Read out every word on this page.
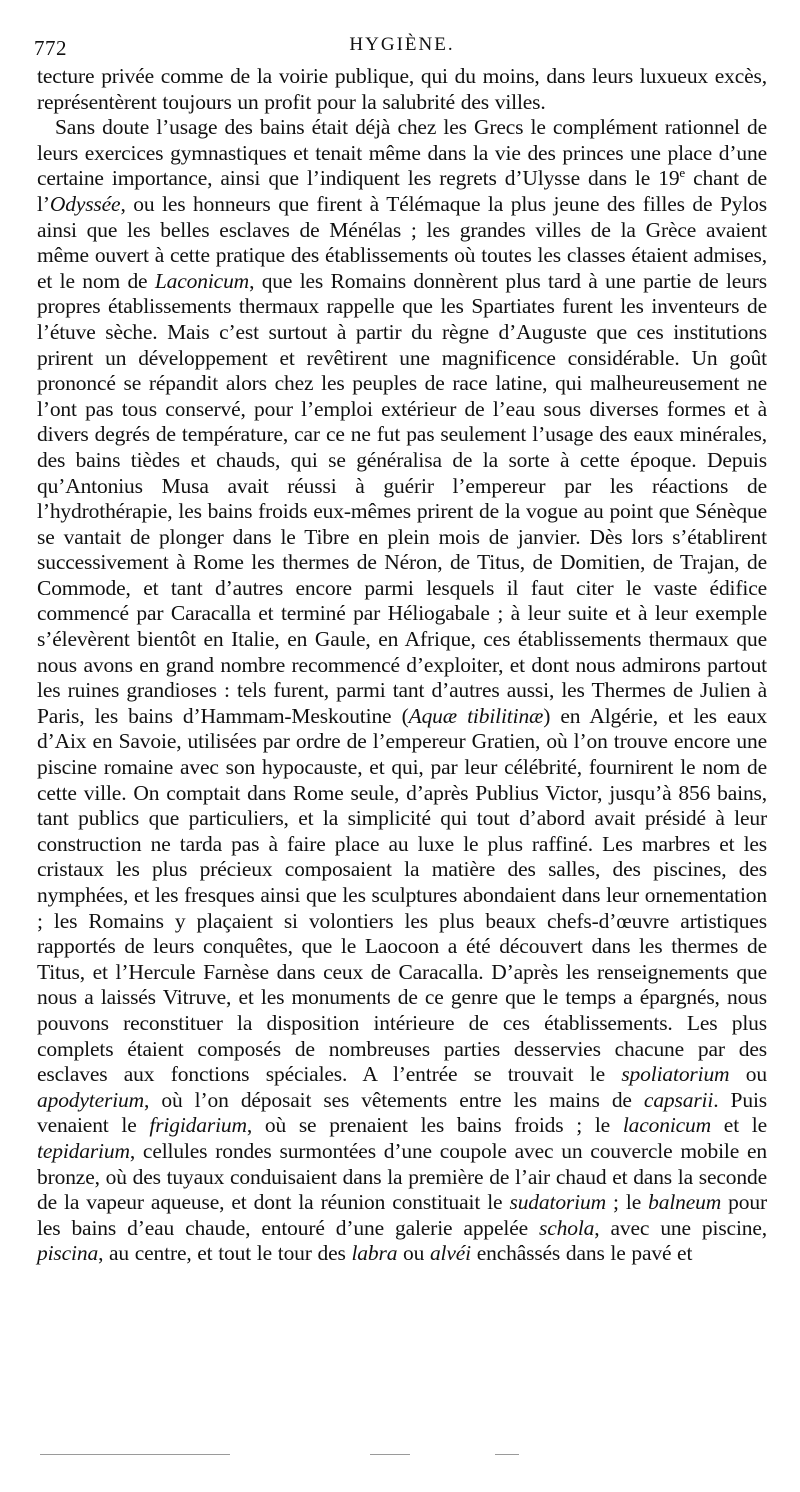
772	HYGIÈNE.

tecture privée comme de la voirie publique, qui du moins, dans leurs luxueux excès, représentèrent toujours un profit pour la salubrité des villes.

Sans doute l’usage des bains était déjà chez les Grecs le complément rationnel de leurs exercices gymnastiques et tenait même dans la vie des princes une place d’une certaine importance, ainsi que l’indiquent les regrets d’Ulysse dans le 19e chant de l’Odyssée, ou les honneurs que firent à Télémaque la plus jeune des filles de Pylos ainsi que les belles esclaves de Ménélas ; les grandes villes de la Grèce avaient même ouvert à cette pratique des établissements où toutes les classes étaient admises, et le nom de Laconicum, que les Romains donnèrent plus tard à une partie de leurs propres établissements thermaux rappelle que les Spartiates furent les inventeurs de l’étuve sèche. Mais c’est surtout à partir du règne d’Auguste que ces institutions prirent un développement et revêtirent une magnificence considérable. Un goût prononcé se répandit alors chez les peuples de race latine, qui malheureusement ne l’ont pas tous conservé, pour l’emploi extérieur de l’eau sous diverses formes et à divers degrés de température, car ce ne fut pas seulement l’usage des eaux minérales, des bains tièdes et chauds, qui se généralisa de la sorte à cette époque. Depuis qu’Antonius Musa avait réussi à guérir l’empereur par les réactions de l’hydrothérapie, les bains froids eux-mêmes prirent de la vogue au point que Sénèque se vantait de plonger dans le Tibre en plein mois de janvier. Dès lors s’établirent successivement à Rome les thermes de Néron, de Titus, de Domitien, de Trajan, de Commode, et tant d’autres encore parmi lesquels il faut citer le vaste édifice commencé par Caracalla et terminé par Héliogabale ; à leur suite et à leur exemple s’élevèrent bientôt en Italie, en Gaule, en Afrique, ces établissements thermaux que nous avons en grand nombre recommencé d’exploiter, et dont nous admirons partout les ruines grandioses : tels furent, parmi tant d’autres aussi, les Thermes de Julien à Paris, les bains d’Hammam-Meskoutine (Aquæ tibilitinæ) en Algérie, et les eaux d’Aix en Savoie, utilisées par ordre de l’empereur Gratien, où l’on trouve encore une piscine romaine avec son hypocauste, et qui, par leur célébrité, fournirent le nom de cette ville. On comptait dans Rome seule, d’après Publius Victor, jusqu’à 856 bains, tant publics que particuliers, et la simplicité qui tout d’abord avait présidé à leur construction ne tarda pas à faire place au luxe le plus raffiné. Les marbres et les cristaux les plus précieux composaient la matière des salles, des piscines, des nymphées, et les fresques ainsi que les sculptures abondaient dans leur ornementation ; les Romains y plaçaient si volontiers les plus beaux chefs-d’œuvre artistiques rapportés de leurs conquêtes, que le Laocoon a été découvert dans les thermes de Titus, et l’Hercule Farnèse dans ceux de Caracalla. D’après les renseignements que nous a laissés Vitruve, et les monuments de ce genre que le temps a épargnés, nous pouvons reconstituer la disposition intérieure de ces établissements. Les plus complets étaient composés de nombreuses parties desservies chacune par des esclaves aux fonctions spéciales. A l’entrée se trouvait le spoliatorium ou apodyterium, où l’on déposait ses vêtements entre les mains de capsarii. Puis venaient le frigidarium, où se prenaient les bains froids ; le laconicum et le tepidarium, cellules rondes surmontées d’une coupole avec un couvercle mobile en bronze, où des tuyaux conduisaient dans la première de l’air chaud et dans la seconde de la vapeur aqueuse, et dont la réunion constituait le sudatorium ; le balneum pour les bains d’eau chaude, entouré d’une galerie appelée schola, avec une piscine, piscina, au centre, et tout le tour des labra ou alvéi enchâssés dans le pavé et
